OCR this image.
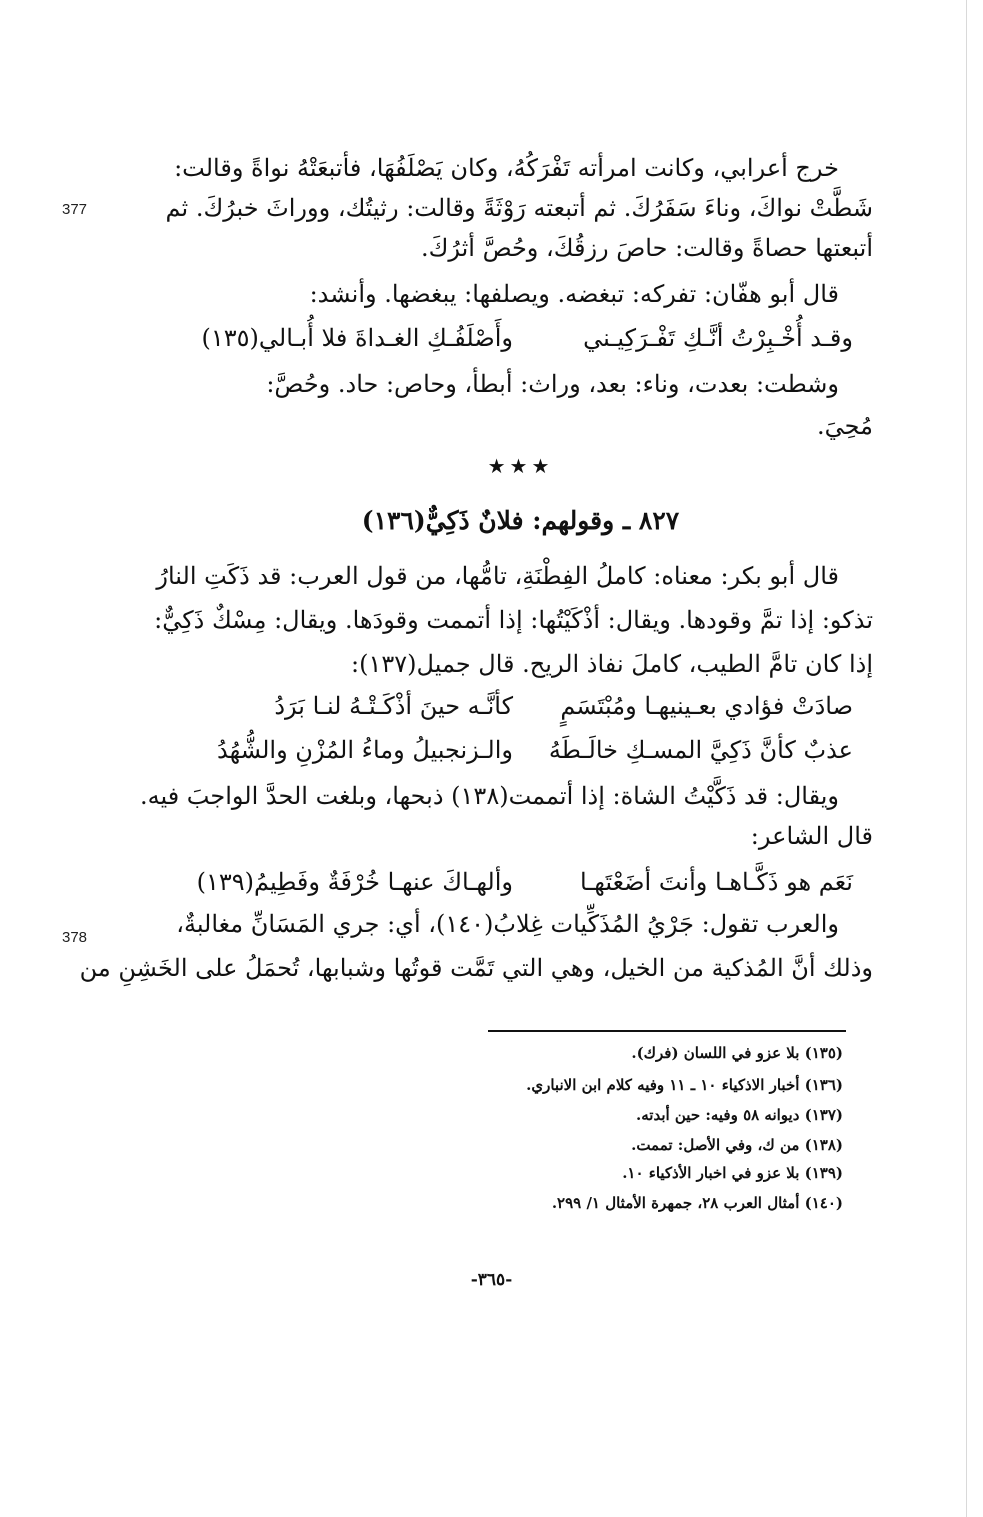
377
378
خرج أعرابي، وكانت امرأته تَفْرَكُهُ، وكان يَصْلَفُهَا، فأتبعَتْهُ نواةً وقالت:
شَطَّتْ نواكَ، وناءَ سَفَرُكَ. ثم أتبعته رَوْثَةً وقالت: رثيتُك، ووراثَ خبرُكَ. ثم
أتبعتها حصاةً وقالت: حاصَ رزقُكَ، وحُصَّ أثرُكَ.
قال أبو هفّان: تفركه: تبغضه. ويصلفها: يبغضها. وأنشد:
وقـد أُخْـبِرْتُ أنَّـكِ تَفْـرَكِيـني
وأَصْلَفُـكِ الغـداةَ فلا أُبـالي(١٣٥)
وشطت: بعدت، وناء: بعد، وراث: أبطأ، وحاص: حاد. وحُصَّ:
مُحِيَ.
★★★
٨٢٧ ـ وقولهم: فلانٌ ذَكِيٌّ(١٣٦)
قال أبو بكر: معناه: كاملُ الفِطْنَةِ، تامُّها، من قول العرب: قد ذَكَتِ النارُ
تذكو: إذا تمَّ وقودها. ويقال: أذْكَيْتُها: إذا أتممت وقودَها. ويقال: مِسْكٌ ذَكِيٌّ:
إذا كان تامَّ الطيب، كاملَ نفاذ الريح. قال جميل(١٣٧):
صادَتْ فؤادي بعـينيهـا ومُبْتَسَمٍ
كأنَّـه حينَ أذْكَـتْـهُ لنـا بَرَدُ
عذبٌ كأنَّ ذَكِيَّ المسـكِ خالَـطَهُ
والـزنجبيلُ وماءُ المُزْنِ والشُّهُدُ
ويقال: قد ذَكَّيْتُ الشاة: إذا أتممت(١٣٨) ذبحها، وبلغت الحدَّ الواجبَ فيه.
قال الشاعر:
نَعَم هو ذَكَّـاهـا وأنتَ أضَعْتَهـا
وألهـاكَ عنهـا خُرْفَةٌ وفَطِيمُ(١٣٩)
والعرب تقول: جَرْيُ المُذَكِّيات غِلابُ(١٤٠)، أي: جري المَسَانِّ مغالبةٌ،
وذلك أنَّ المُذكية من الخيل، وهي التي تَمَّت قوتُها وشبابها، تُحمَلُ على الخَشِنِ من
(١٣٥) بلا عزو في اللسان (فرك).
(١٣٦) أخبار الاذكياء ١٠ ـ ١١ وفيه كلام ابن الانباري.
(١٣٧) ديوانه ٥٨ وفيه: حين أبدته.
(١٣٨) من ك، وفي الأصل: تممت.
(١٣٩) بلا عزو في اخبار الأذكياء ١٠.
(١٤٠) أمثال العرب ٢٨، جمهرة الأمثال ١/ ٢٩٩.
-٣٦٥-
